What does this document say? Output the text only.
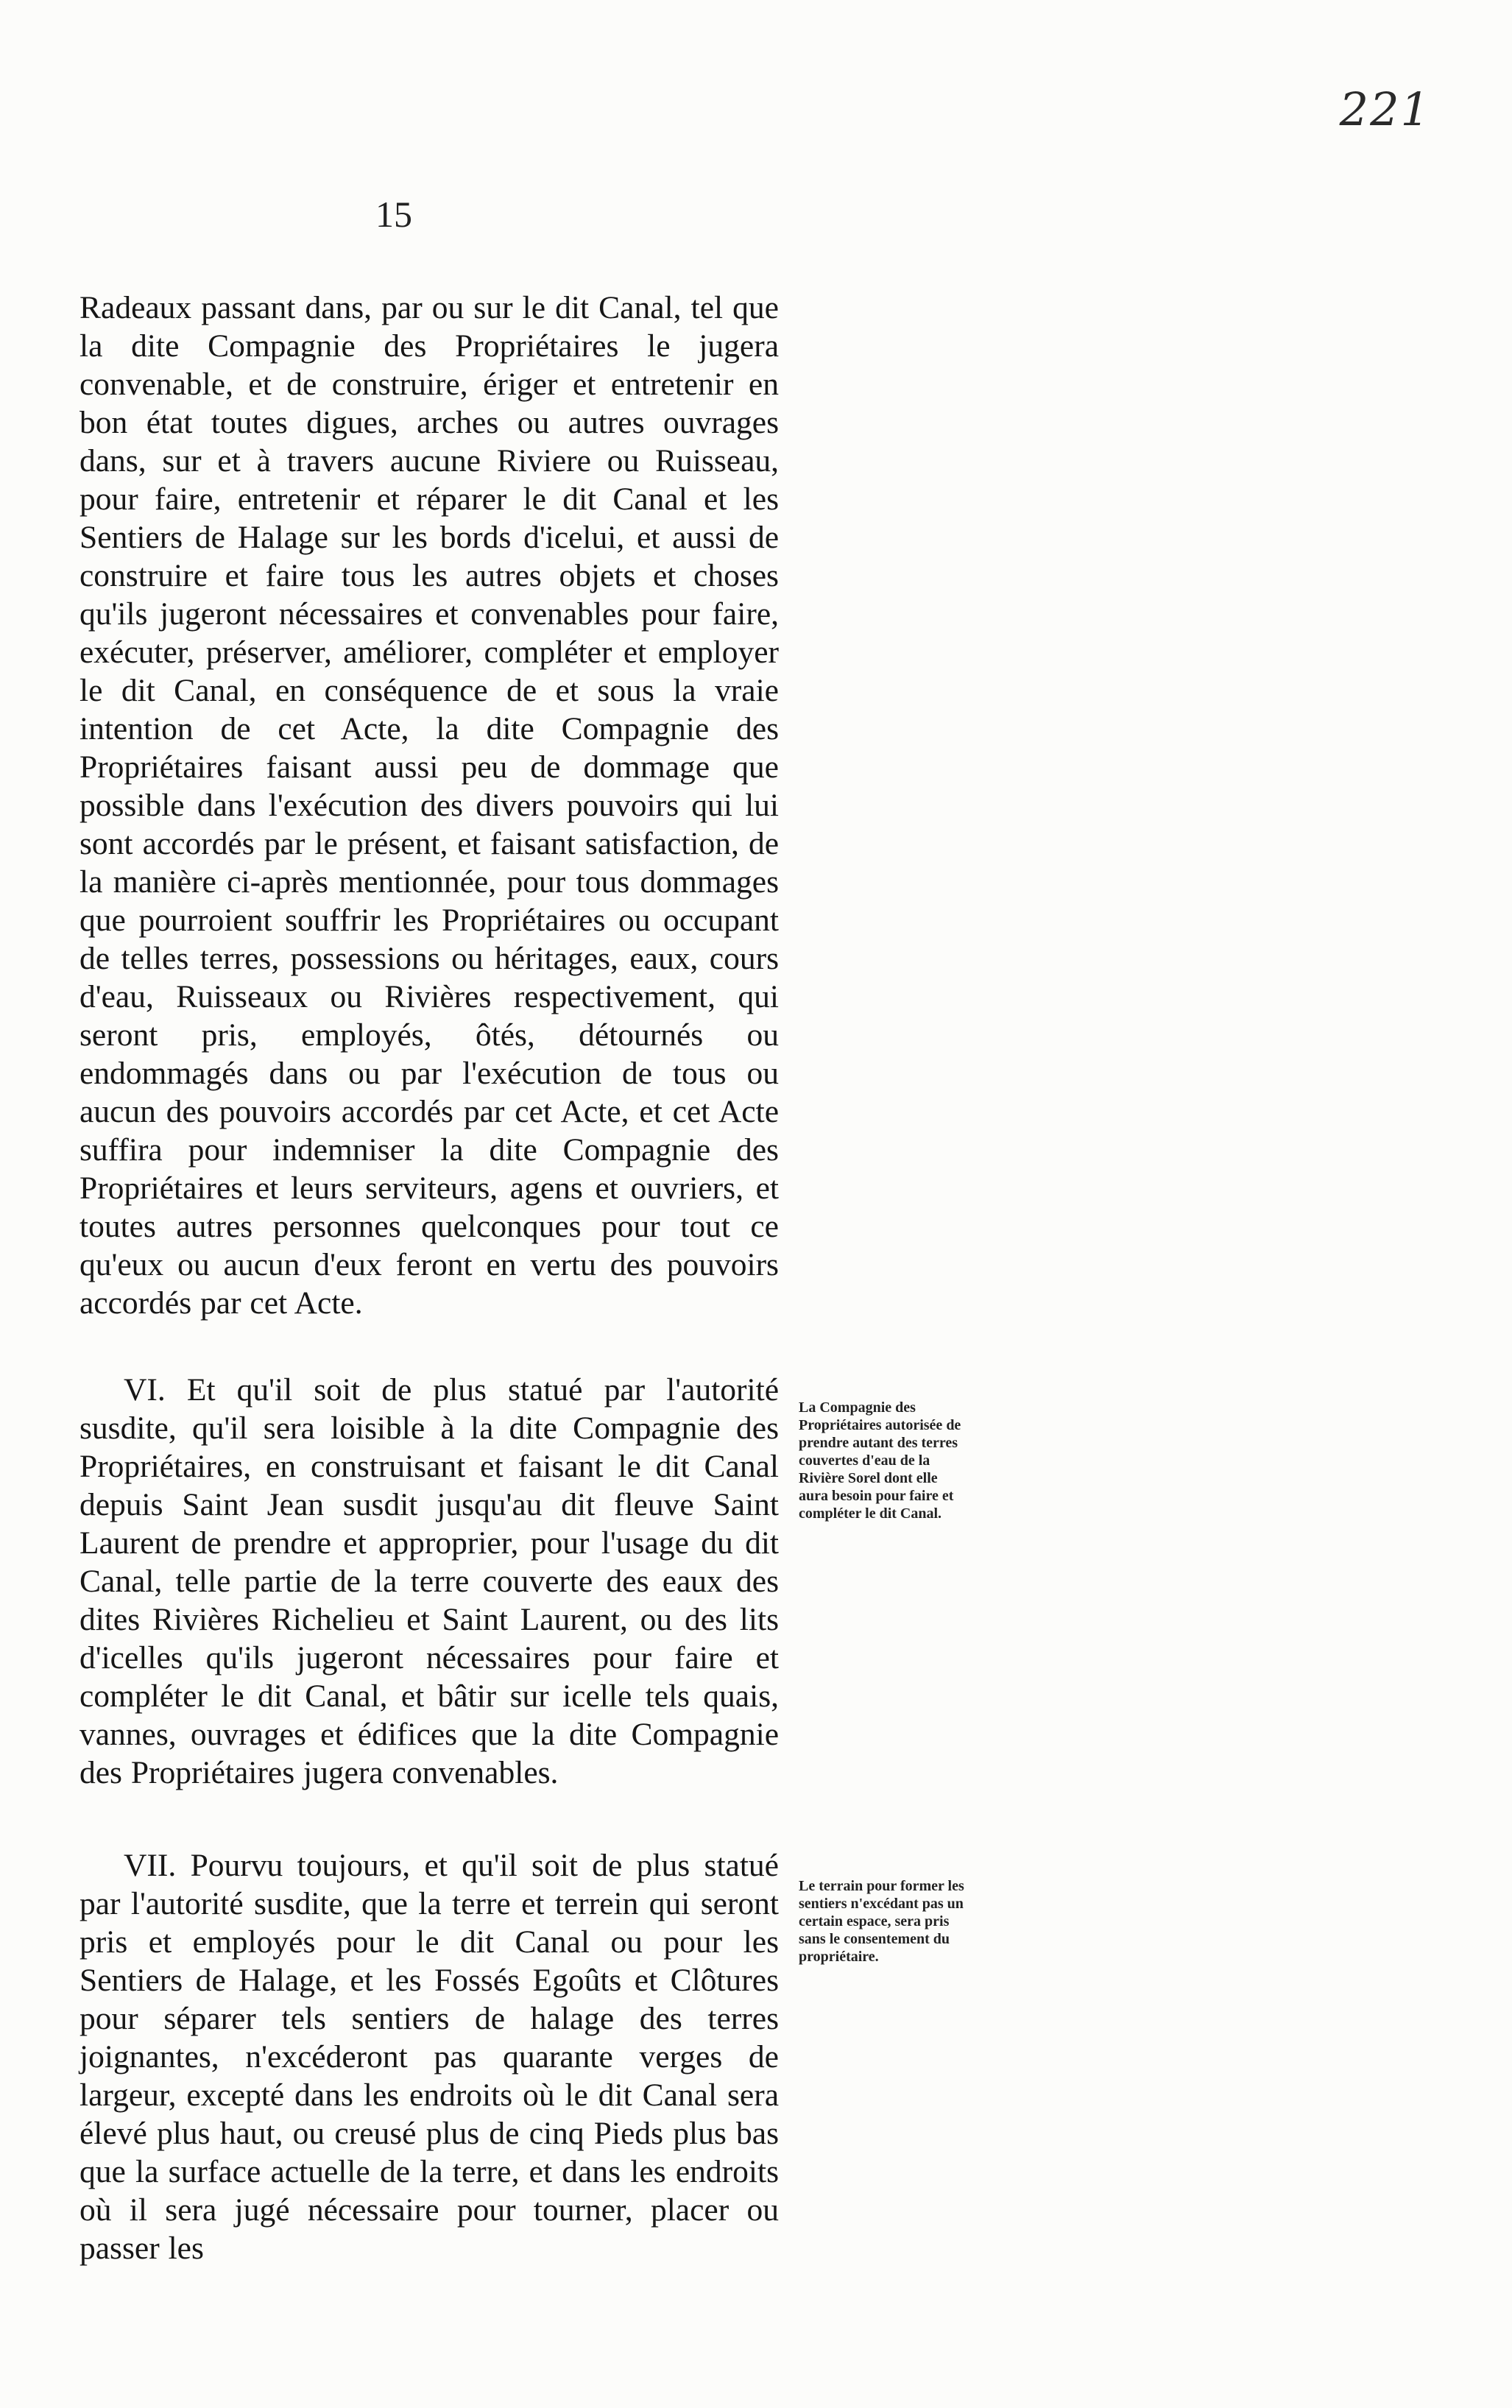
221
15

Radeaux passant dans, par ou sur le dit Canal, tel que la dite Compagnie des Propriétaires le jugera convenable, et de construire, ériger et entretenir en bon état toutes digues, arches ou autres ouvrages dans, sur et à travers aucune Riviere ou Ruisseau, pour faire, entretenir et réparer le dit Canal et les Sentiers de Halage sur les bords d'icelui, et aussi de construire et faire tous les autres objets et choses qu'ils jugeront nécessaires et convenables pour faire, exécuter, préserver, améliorer, compléter et employer le dit Canal, en conséquence de et sous la vraie intention de cet Acte, la dite Compagnie des Propriétaires faisant aussi peu de dommage que possible dans l'exécution des divers pouvoirs qui lui sont accordés par le présent, et faisant satisfaction, de la manière ci-après mentionnée, pour tous dommages que pourroient souffrir les Propriétaires ou occupant de telles terres, possessions ou héritages, eaux, cours d'eau, Ruisseaux ou Rivières respectivement, qui seront pris, employés, ôtés, détournés ou endommagés dans ou par l'exécution de tous ou aucun des pouvoirs accordés par cet Acte, et cet Acte suffira pour indemniser la dite Compagnie des Propriétaires et leurs serviteurs, agens et ouvriers, et toutes autres personnes quelconques pour tout ce qu'eux ou aucun d'eux feront en vertu des pouvoirs accordés par cet Acte.

VI. Et qu'il soit de plus statué par l'autorité susdite, qu'il sera loisible à la dite Compagnie des Propriétaires, en construisant et faisant le dit Canal depuis Saint Jean susdit jusqu'au dit fleuve Saint Laurent de prendre et approprier, pour l'usage du dit Canal, telle partie de la terre couverte des eaux des dites Rivières Richelieu et Saint Laurent, ou des lits d'icelles qu'ils jugeront nécessaires pour faire et compléter le dit Canal, et bâtir sur icelle tels quais, vannes, ouvrages et édifices que la dite Compagnie des Propriétaires jugera convenables.

La Compagnie des Propriétaires autorisée de prendre autant des terres couvertes d'eau de la Rivière Sorel dont elle aura besoin pour faire et compléter le dit Canal.

VII. Pourvu toujours, et qu'il soit de plus statué par l'autorité susdite, que la terre et terrein qui seront pris et employés pour le dit Canal ou pour les Sentiers de Halage, et les Fossés Egoûts et Clôtures pour séparer tels sentiers de halage des terres joignantes, n'excéderont pas quarante verges de largeur, excepté dans les endroits où le dit Canal sera élevé plus haut, ou creusé plus de cinq Pieds plus bas que la surface actuelle de la terre, et dans les endroits où il sera jugé nécessaire pour tourner, placer ou passer les

Le terrain pour former les sentiers n'excédant pas un certain espace, sera pris sans le consentement du propriétaire.
